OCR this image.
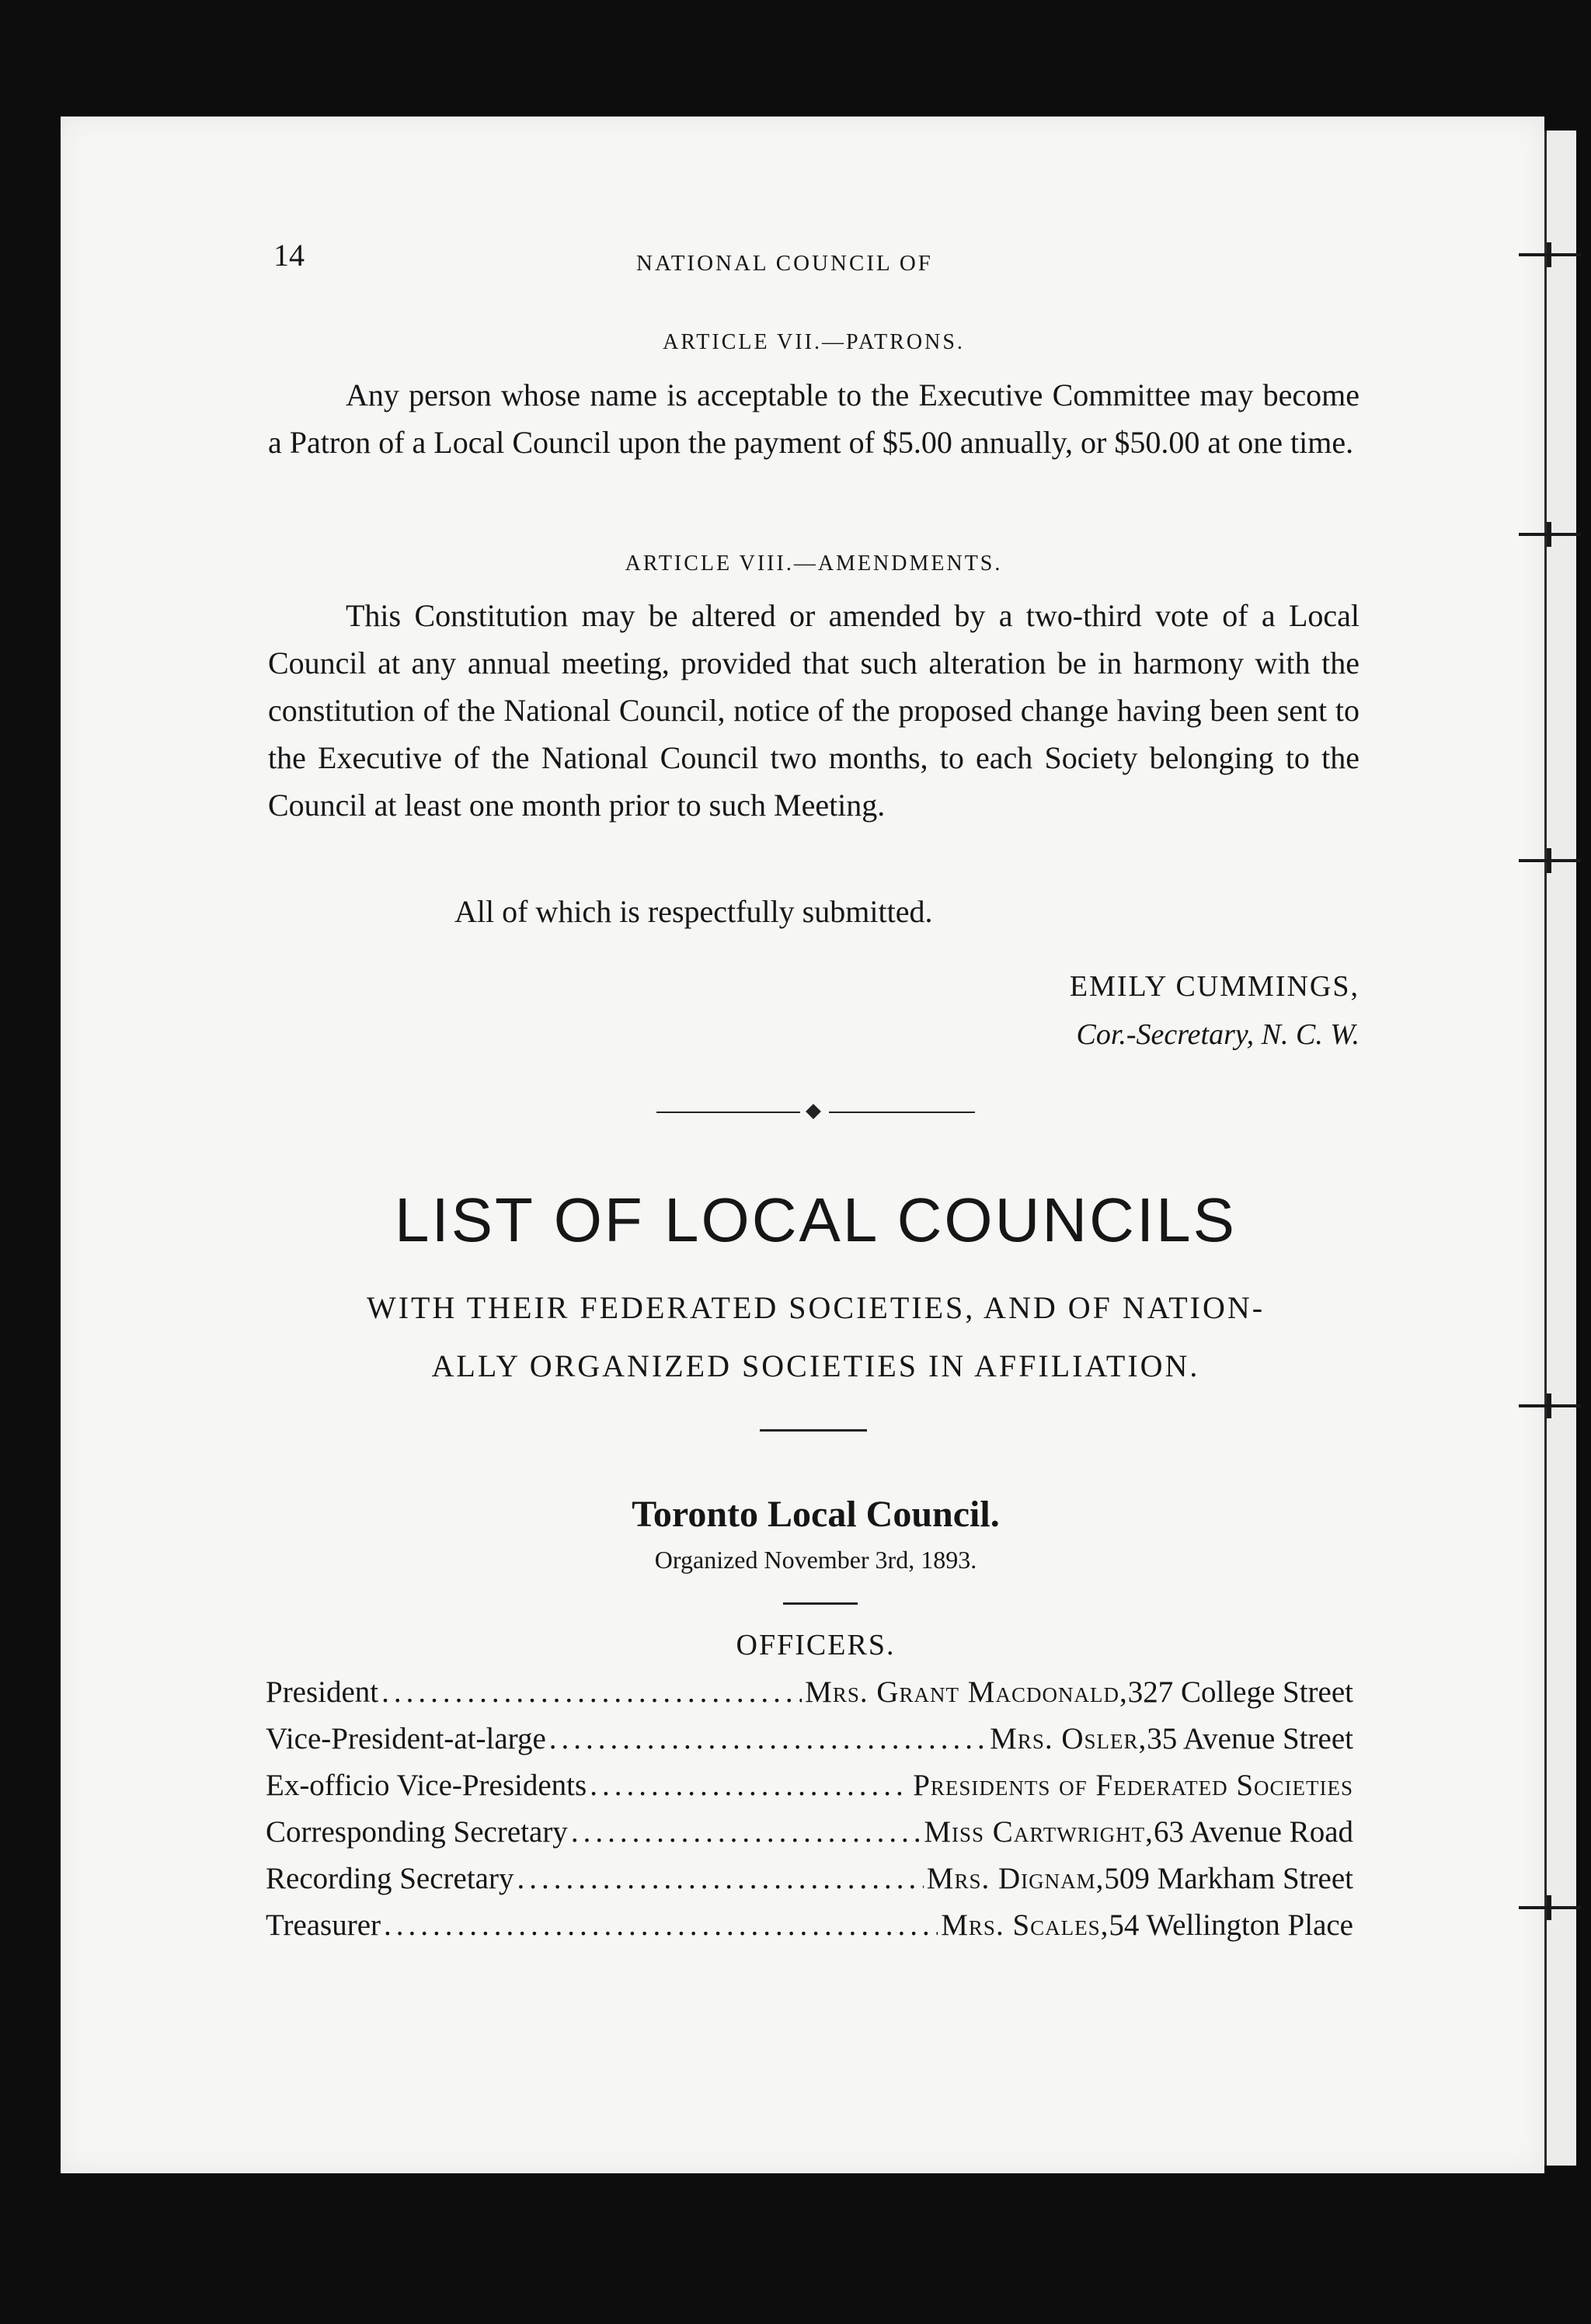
14	NATIONAL COUNCIL OF
ARTICLE VII.—PATRONS.

Any person whose name is acceptable to the Executive Committee may become a Patron of a Local Council upon the payment of $5.00 annually, or $50.00 at one time.

ARTICLE VIII.—AMENDMENTS.

This Constitution may be altered or amended by a two-third vote of a Local Council at any annual meeting, provided that such alteration be in harmony with the constitution of the National Council, notice of the proposed change having been sent to the Executive of the National Council two months, to each Society belonging to the Council at least one month prior to such Meeting.

All of which is respectfully submitted.
EMILY CUMMINGS,
Cor.-Secretary, N. C. W.
LIST OF LOCAL COUNCILS
WITH THEIR FEDERATED SOCIETIES, AND OF NATION-
ALLY ORGANIZED SOCIETIES IN AFFILIATION.
Toronto Local Council.
Organized November 3rd, 1893.
OFFICERS.
President .....	Mrs. Grant Macdonald, 327 College Street
Vice-President-at-large .....	Mrs. Osler, 35 Avenue Street
Ex-officio Vice-Presidents .....	Presidents of Federated Societies
Corresponding Secretary .....	Miss Cartwright, 63 Avenue Road
Recording Secretary .....	Mrs. Dignam, 509 Markham Street
Treasurer .....	Mrs. Scales, 54 Wellington Place
